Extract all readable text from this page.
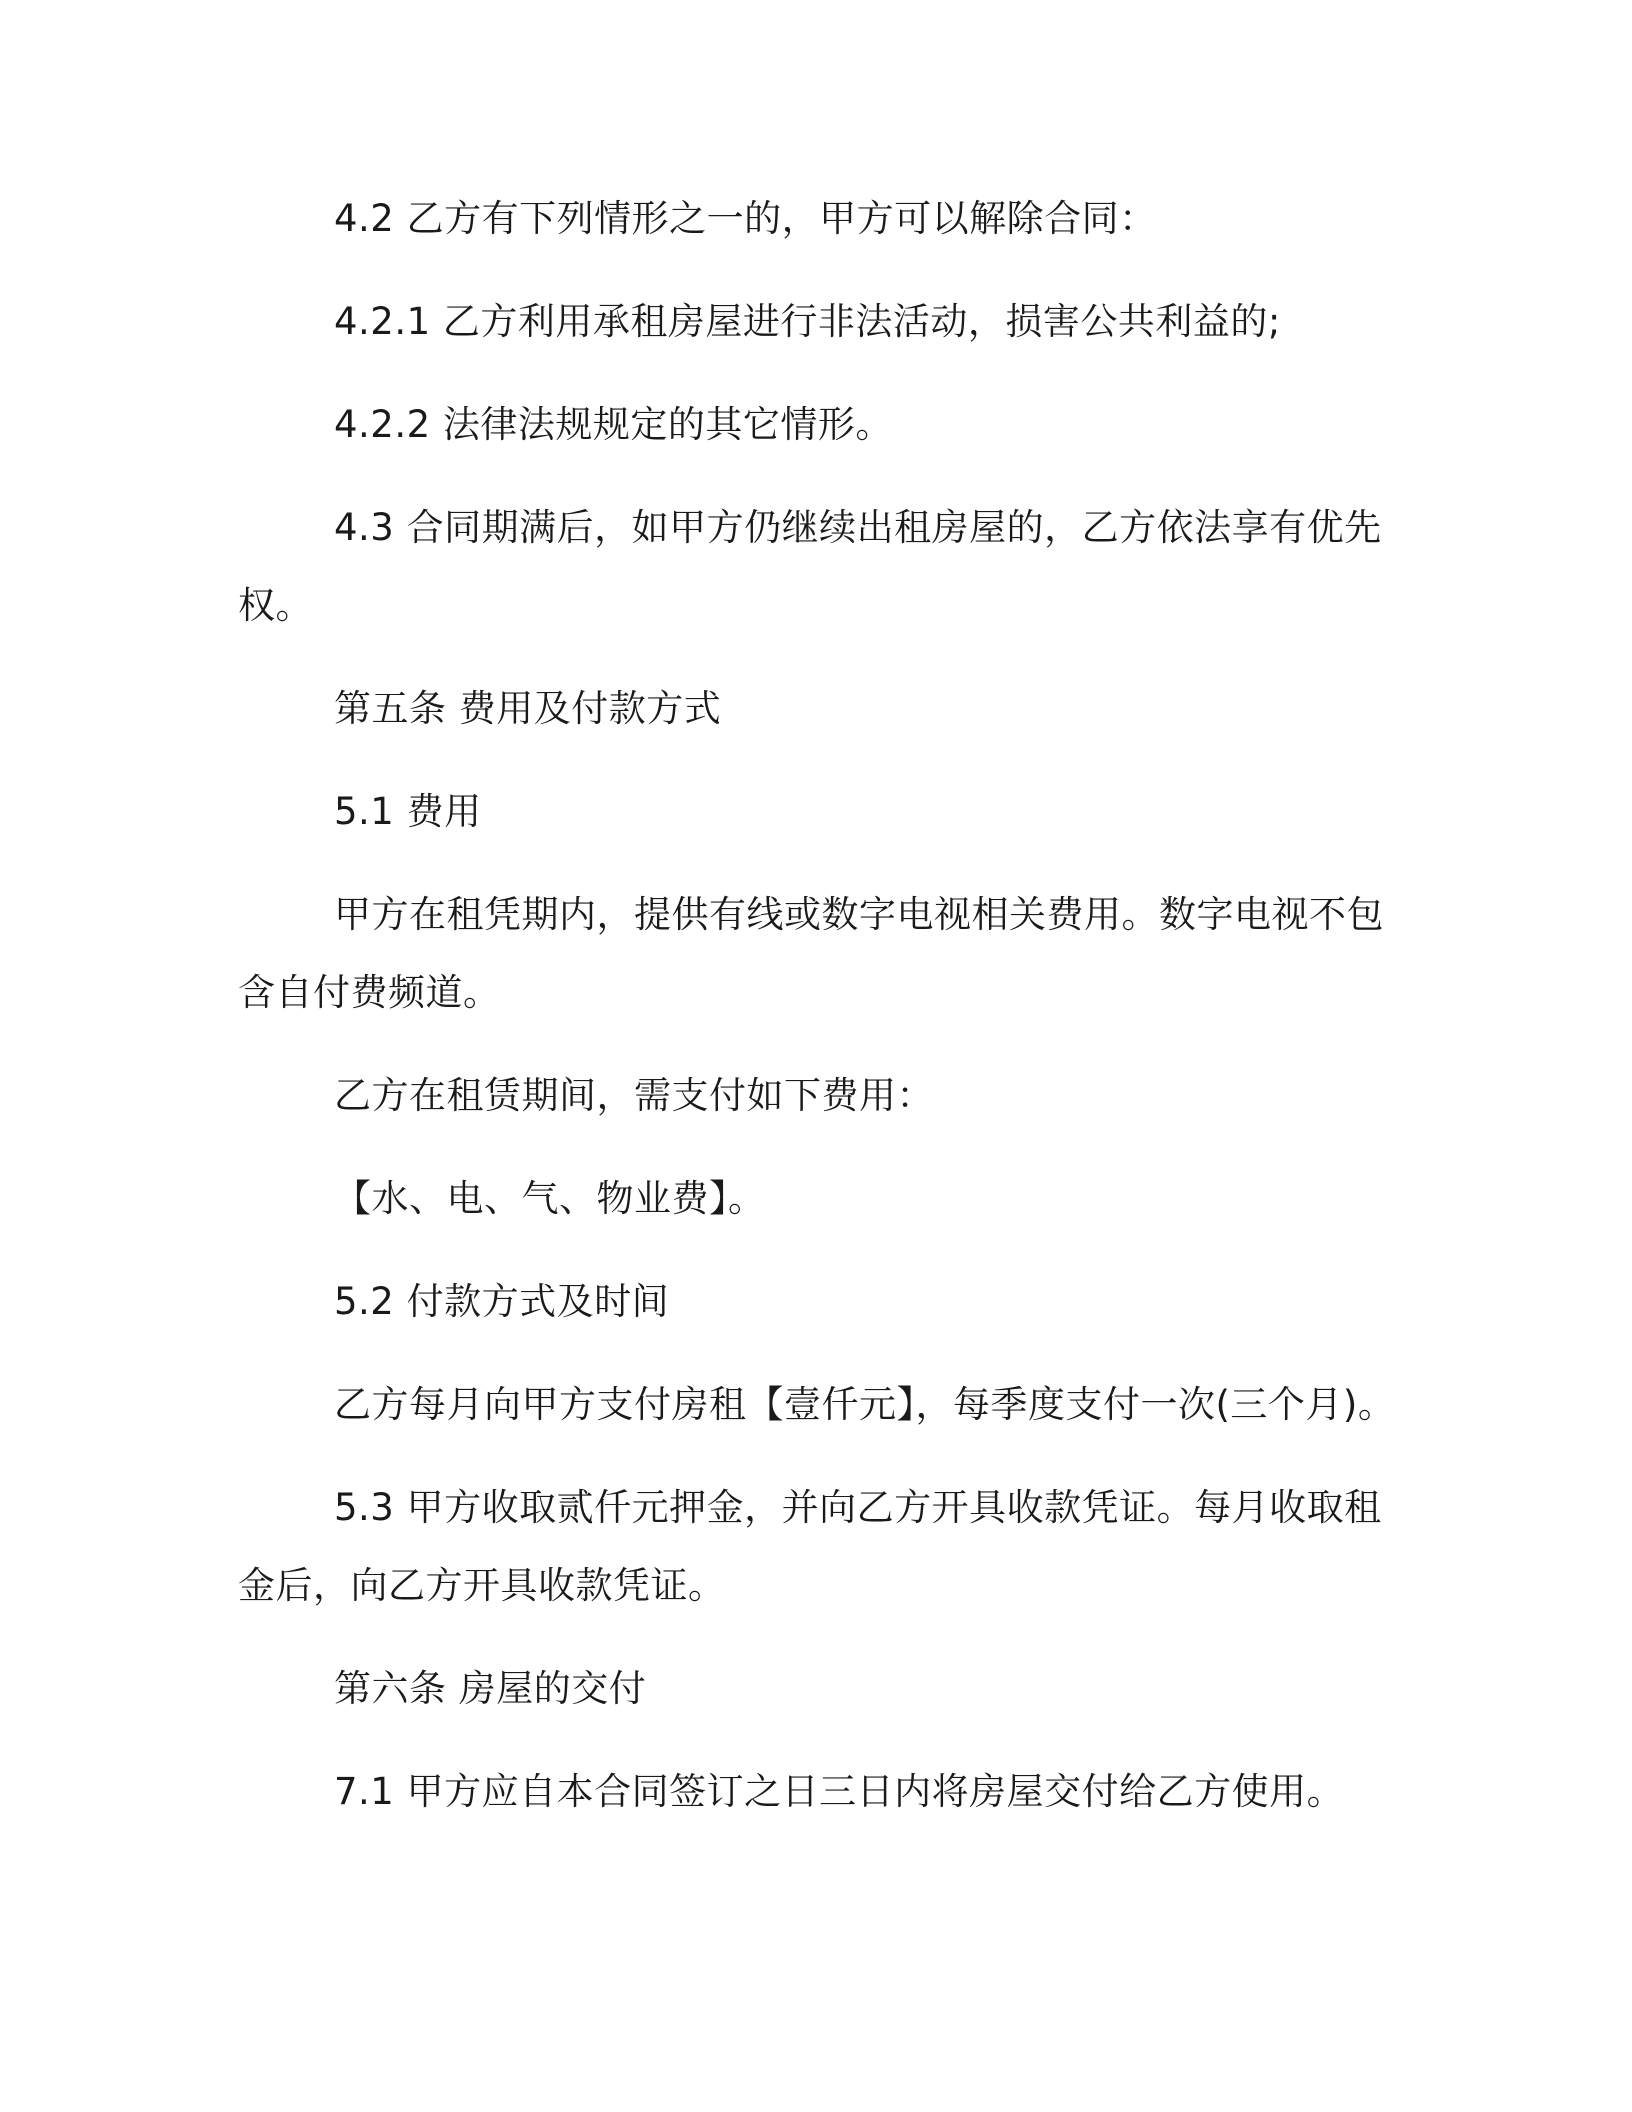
4.2 乙方有下列情形之一的，甲方可以解除合同：

4.2.1 乙方利用承租房屋进行非法活动，损害公共利益的;

4.2.2 法律法规规定的其它情形。

4.3 合同期满后，如甲方仍继续出租房屋的，乙方依法享有优先权。

第五条 费用及付款方式

5.1 费用

甲方在租凭期内，提供有线或数字电视相关费用。数字电视不包含自付费频道。

乙方在租赁期间，需支付如下费用：

【水、电、气、物业费】。

5.2 付款方式及时间

乙方每月向甲方支付房租【壹仟元】，每季度支付一次(三个月)。

5.3 甲方收取贰仟元押金，并向乙方开具收款凭证。每月收取租金后，向乙方开具收款凭证。

第六条 房屋的交付

7.1 甲方应自本合同签订之日三日内将房屋交付给乙方使用。
